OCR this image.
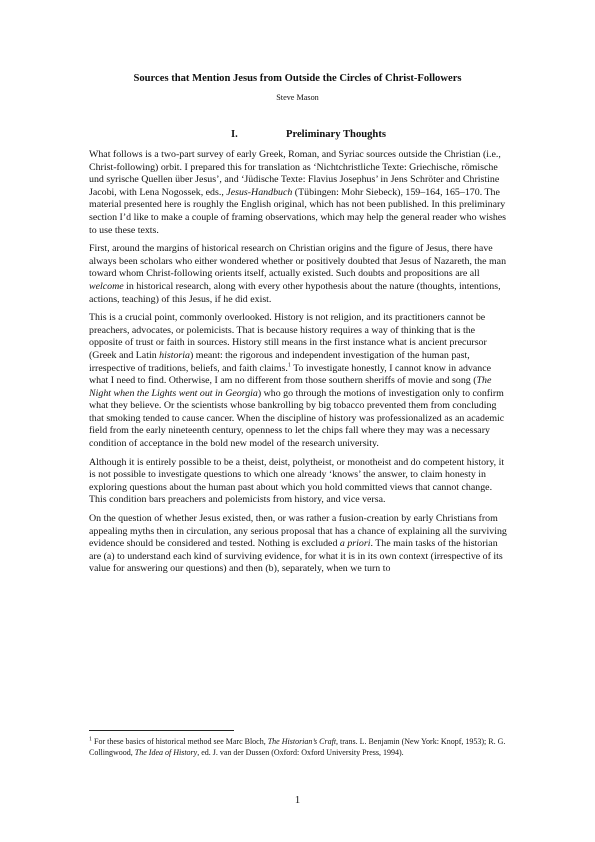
Sources that Mention Jesus from Outside the Circles of Christ-Followers
Steve Mason
I.	Preliminary Thoughts

What follows is a two-part survey of early Greek, Roman, and Syriac sources outside the Christian (i.e., Christ-following) orbit. I prepared this for translation as ‘Nichtchristliche Texte: Griechische, römische und syrische Quellen über Jesus’, and ‘Jüdische Texte: Flavius Josephus’ in Jens Schröter and Christine Jacobi, with Lena Nogossek, eds., Jesus-Handbuch (Tübingen: Mohr Siebeck), 159–164, 165–170. The material presented here is roughly the English original, which has not been published. In this preliminary section I’d like to make a couple of framing observations, which may help the general reader who wishes to use these texts.

First, around the margins of historical research on Christian origins and the figure of Jesus, there have always been scholars who either wondered whether or positively doubted that Jesus of Nazareth, the man toward whom Christ-following orients itself, actually existed. Such doubts and propositions are all welcome in historical research, along with every other hypothesis about the nature (thoughts, intentions, actions, teaching) of this Jesus, if he did exist.

This is a crucial point, commonly overlooked. History is not religion, and its practitioners cannot be preachers, advocates, or polemicists. That is because history requires a way of thinking that is the opposite of trust or faith in sources. History still means in the first instance what is ancient precursor (Greek and Latin historia) meant: the rigorous and independent investigation of the human past, irrespective of traditions, beliefs, and faith claims.$^1$ To investigate honestly, I cannot know in advance what I need to find. Otherwise, I am no different from those southern sheriffs of movie and song (The Night when the Lights went out in Georgia) who go through the motions of investigation only to confirm what they believe. Or the scientists whose bankrolling by big tobacco prevented them from concluding that smoking tended to cause cancer. When the discipline of history was professionalized as an academic field from the early nineteenth century, openness to let the chips fall where they may was a necessary condition of acceptance in the bold new model of the research university.

Although it is entirely possible to be a theist, deist, polytheist, or monotheist and do competent history, it is not possible to investigate questions to which one already ‘knows’ the answer, to claim honesty in exploring questions about the human past about which you hold committed views that cannot change. This condition bars preachers and polemicists from history, and vice versa.

On the question of whether Jesus existed, then, or was rather a fusion-creation by early Christians from appealing myths then in circulation, any serious proposal that has a chance of explaining all the surviving evidence should be considered and tested. Nothing is excluded a priori. The main tasks of the historian are (a) to understand each kind of surviving evidence, for what it is in its own context (irrespective of its value for answering our questions) and then (b), separately, when we turn to

$^1$ For these basics of historical method see Marc Bloch, The Historian’s Craft, trans. L. Benjamin (New York: Knopf, 1953); R. G. Collingwood, The Idea of History, ed. J. van der Dussen (Oxford: Oxford University Press, 1994).
1
